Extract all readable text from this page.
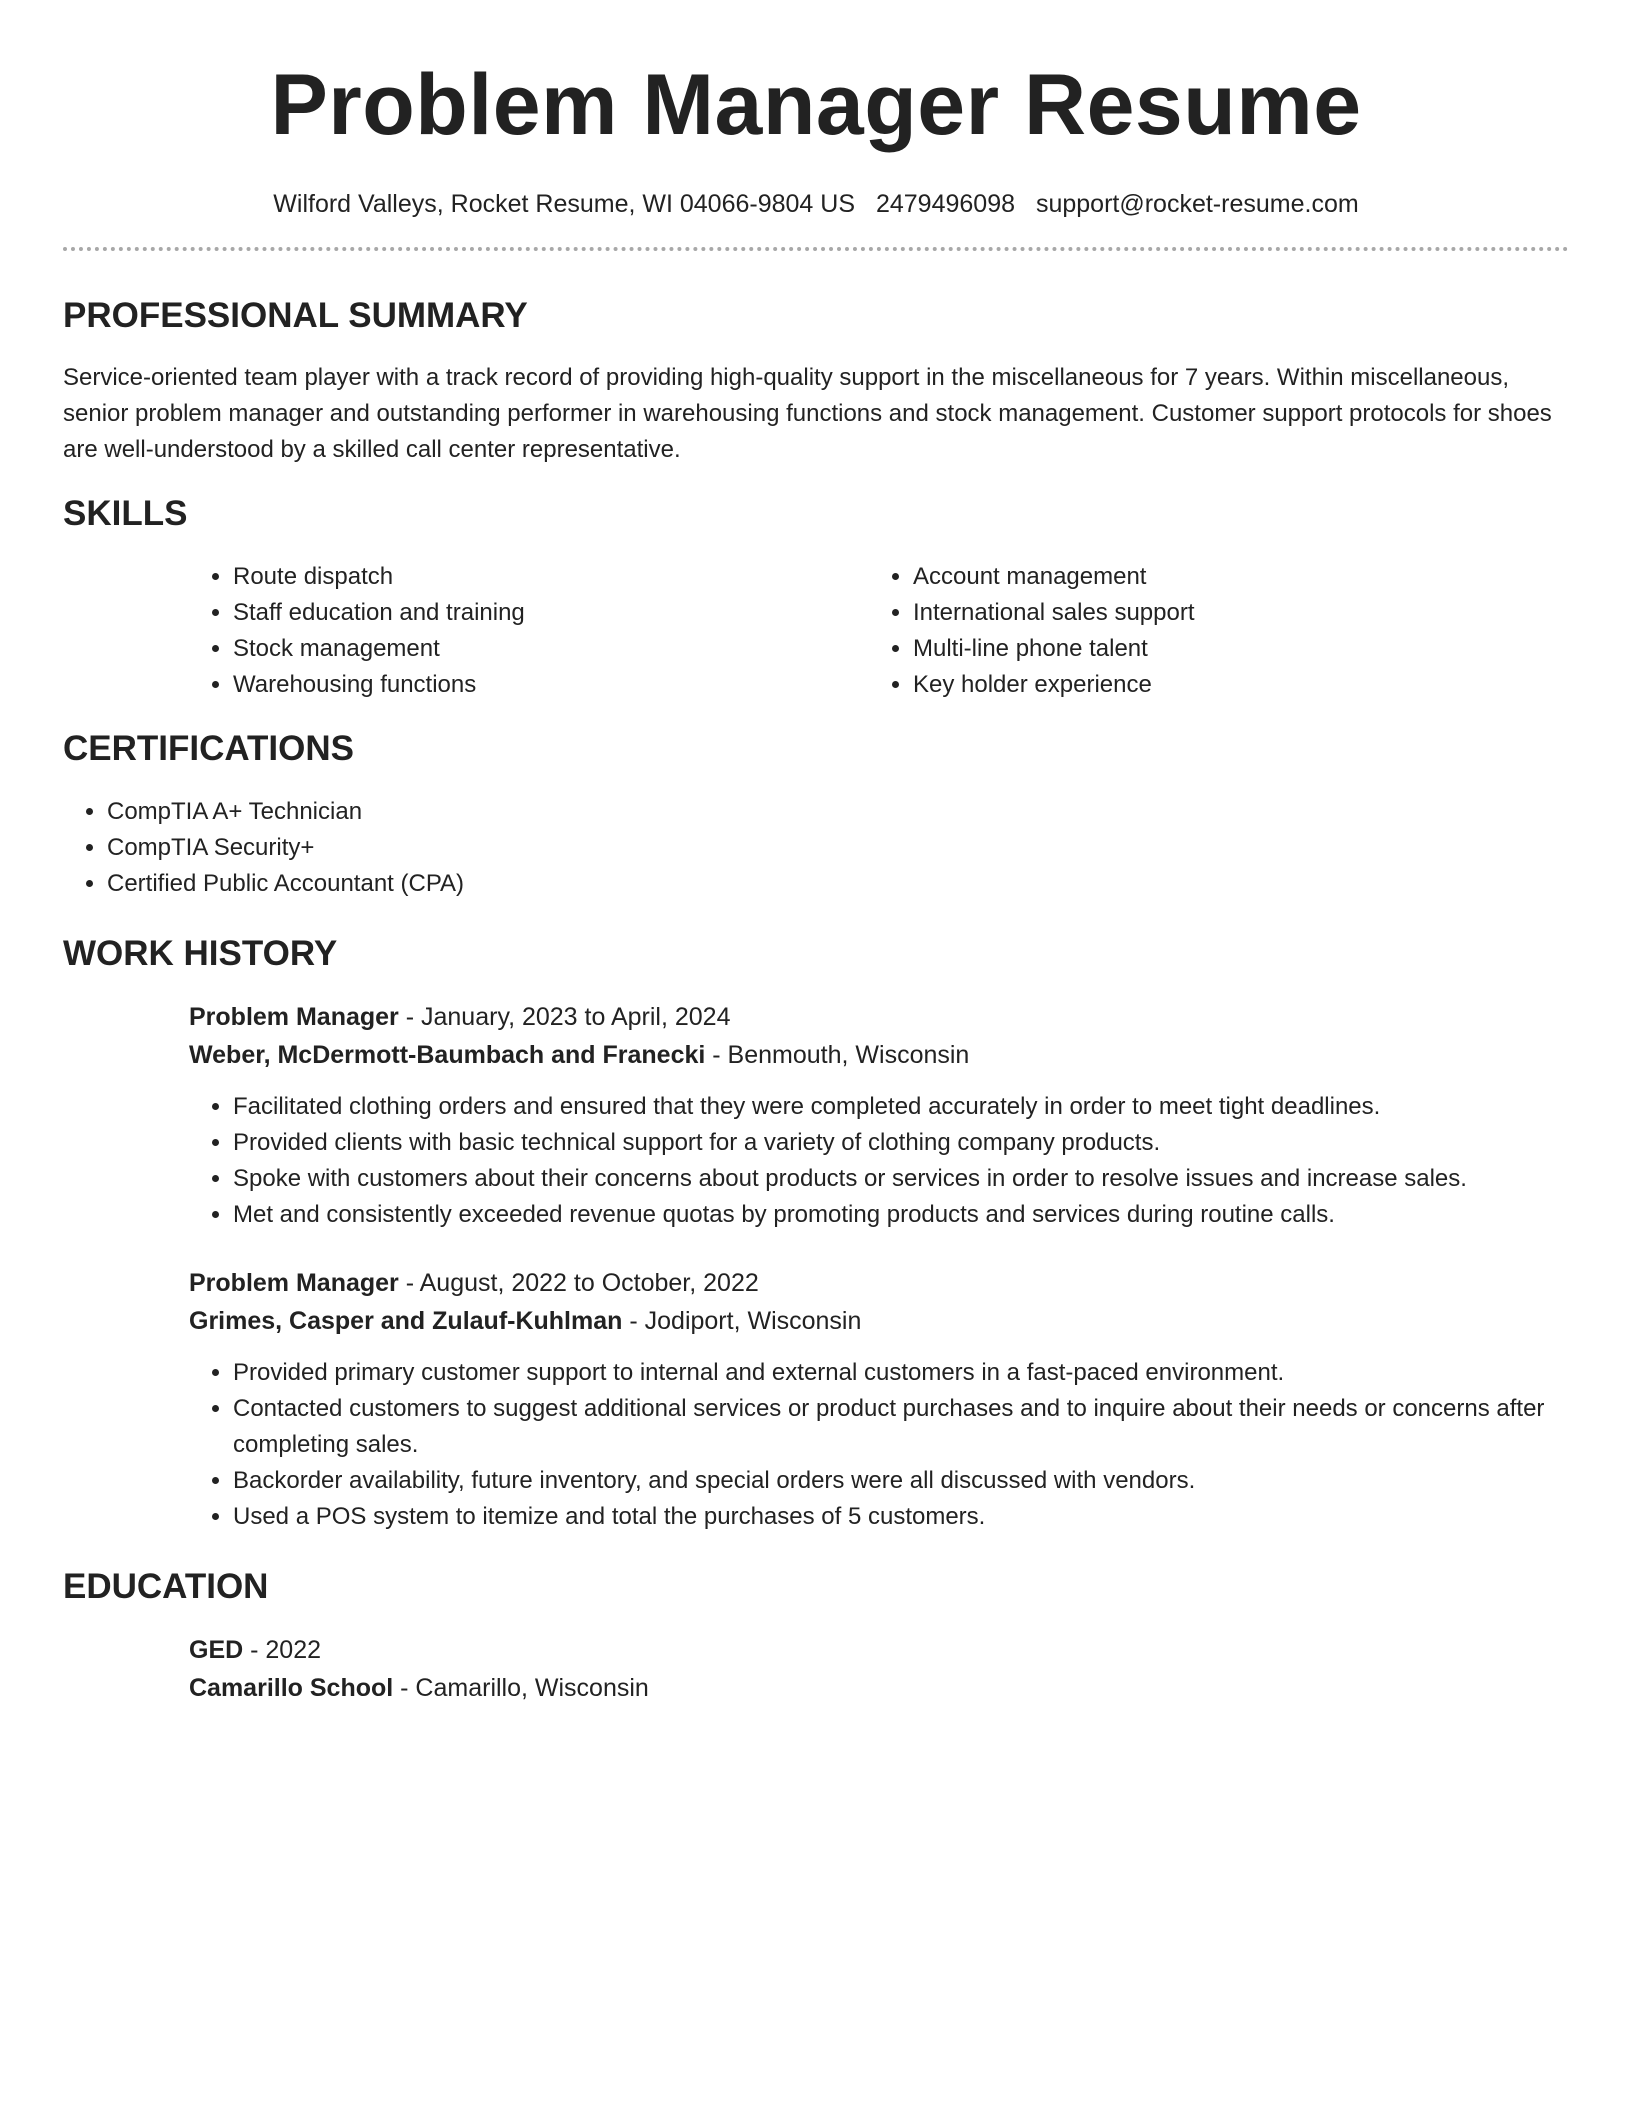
Problem Manager Resume
Wilford Valleys, Rocket Resume, WI 04066-9804 US 2479496098 support@rocket-resume.com
PROFESSIONAL SUMMARY

Service-oriented team player with a track record of providing high-quality support in the miscellaneous for 7 years. Within miscellaneous, senior problem manager and outstanding performer in warehousing functions and stock management. Customer support protocols for shoes are well-understood by a skilled call center representative.

SKILLS
• Route dispatch
• Staff education and training
• Stock management
• Warehousing functions
• Account management
• International sales support
• Multi-line phone talent
• Key holder experience
CERTIFICATIONS
• CompTIA A+ Technician
• CompTIA Security+
• Certified Public Accountant (CPA)
WORK HISTORY

Problem Manager - January, 2023 to April, 2024

Weber, McDermott-Baumbach and Franecki - Benmouth, Wisconsin

• Facilitated clothing orders and ensured that they were completed accurately in order to meet tight deadlines.
• Provided clients with basic technical support for a variety of clothing company products.
• Spoke with customers about their concerns about products or services in order to resolve issues and increase sales.
• Met and consistently exceeded revenue quotas by promoting products and services during routine calls.

Problem Manager - August, 2022 to October, 2022

Grimes, Casper and Zulauf-Kuhlman - Jodiport, Wisconsin

• Provided primary customer support to internal and external customers in a fast-paced environment.
• Contacted customers to suggest additional services or product purchases and to inquire about their needs or concerns after completing sales.
• Backorder availability, future inventory, and special orders were all discussed with vendors.
• Used a POS system to itemize and total the purchases of 5 customers.
EDUCATION

GED - 2022

Camarillo School - Camarillo, Wisconsin
